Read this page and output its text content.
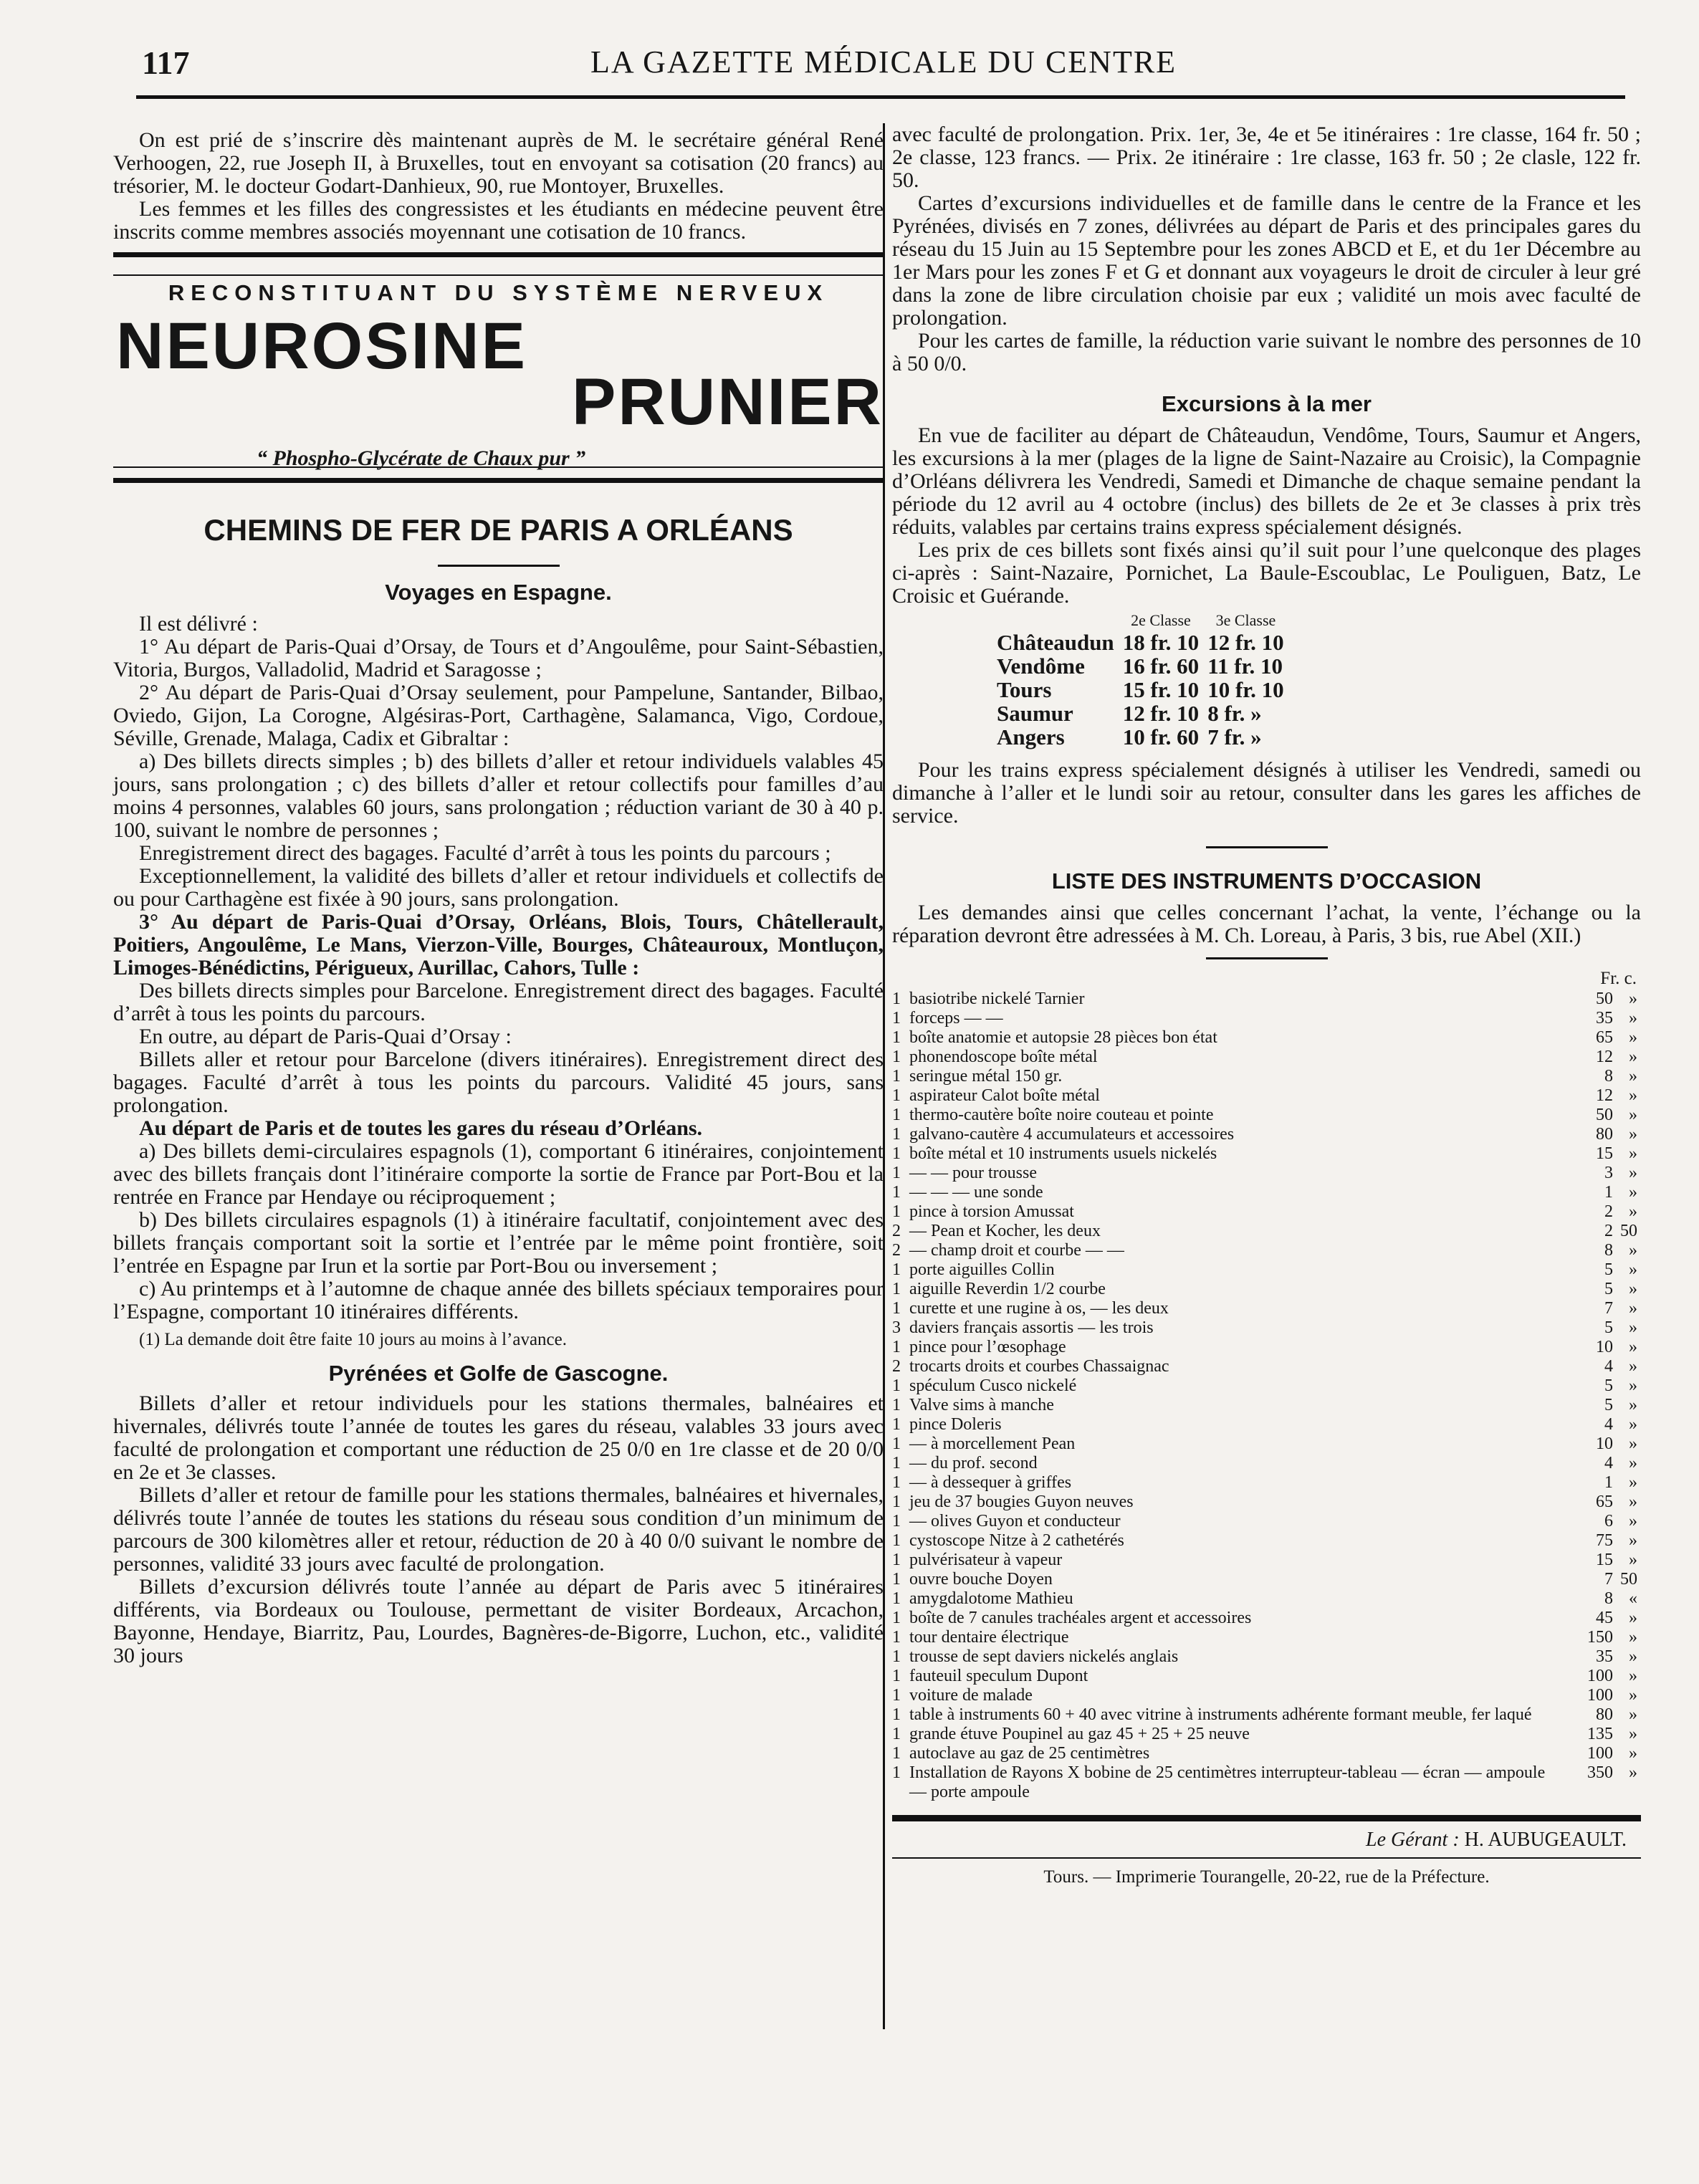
117	LA GAZETTE MÉDICALE DU CENTRE
On est prié de s’inscrire dès maintenant auprès de M. le secrétaire général René Verhoogen, 22, rue Joseph II, à Bruxelles, tout en envoyant sa cotisation (20 francs) au trésorier, M. le docteur Godart-Danhieux, 90, rue Montoyer, Bruxelles.
Les femmes et les filles des congressistes et les étudiants en médecine peuvent être inscrits comme membres associés moyennant une cotisation de 10 francs.
RECONSTITUANT DU SYSTÈME NERVEUX
NEUROSINE
PRUNIER
“ Phospho-Glycérate de Chaux pur ”
CHEMINS DE FER DE PARIS A ORLÉANS
Voyages en Espagne.
Il est délivré :
1° Au départ de Paris-Quai d’Orsay, de Tours et d’Angoulême, pour Saint-Sébastien, Vitoria, Burgos, Valladolid, Madrid et Saragosse ;
2° Au départ de Paris-Quai d’Orsay seulement, pour Pampelune, Santander, Bilbao, Oviedo, Gijon, La Corogne, Algésiras-Port, Carthagène, Salamanca, Vigo, Cordoue, Séville, Grenade, Malaga, Cadix et Gibraltar :
a) Des billets directs simples ; b) des billets d’aller et retour individuels valables 45 jours, sans prolongation ; c) des billets d’aller et retour collectifs pour familles d’au moins 4 personnes, valables 60 jours, sans prolongation ; réduction variant de 30 à 40 p. 100, suivant le nombre de personnes ;
Enregistrement direct des bagages. Faculté d’arrêt à tous les points du parcours ;
Exceptionnellement, la validité des billets d’aller et retour individuels et collectifs de ou pour Carthagène est fixée à 90 jours, sans prolongation.
3° Au départ de Paris-Quai d’Orsay, Orléans, Blois, Tours, Châtellerault, Poitiers, Angoulême, Le Mans, Vierzon-Ville, Bourges, Châteauroux, Montluçon, Limoges-Bénédictins, Périgueux, Aurillac, Cahors, Tulle :
Des billets directs simples pour Barcelone. Enregistrement direct des bagages. Faculté d’arrêt à tous les points du parcours.
En outre, au départ de Paris-Quai d’Orsay :
Billets aller et retour pour Barcelone (divers itinéraires). Enregistrement direct des bagages. Faculté d’arrêt à tous les points du parcours. Validité 45 jours, sans prolongation.
Au départ de Paris et de toutes les gares du réseau d’Orléans.
a) Des billets demi-circulaires espagnols (1), comportant 6 itinéraires, conjointement avec des billets français dont l’itinéraire comporte la sortie de France par Port-Bou et la rentrée en France par Hendaye ou réciproquement ;
b) Des billets circulaires espagnols (1) à itinéraire facultatif, conjointement avec des billets français comportant soit la sortie et l’entrée par le même point frontière, soit l’entrée en Espagne par Irun et la sortie par Port-Bou ou inversement ;
c) Au printemps et à l’automne de chaque année des billets spéciaux temporaires pour l’Espagne, comportant 10 itinéraires différents.
(1) La demande doit être faite 10 jours au moins à l’avance.
Pyrénées et Golfe de Gascogne.
Billets d’aller et retour individuels pour les stations thermales, balnéaires et hivernales, délivrés toute l’année de toutes les gares du réseau, valables 33 jours avec faculté de prolongation et comportant une réduction de 25 0/0 en 1re classe et de 20 0/0 en 2e et 3e classes.
Billets d’aller et retour de famille pour les stations thermales, balnéaires et hivernales, délivrés toute l’année de toutes les stations du réseau sous condition d’un minimum de parcours de 300 kilomètres aller et retour, réduction de 20 à 40 0/0 suivant le nombre de personnes, validité 33 jours avec faculté de prolongation.
Billets d’excursion délivrés toute l’année au départ de Paris avec 5 itinéraires différents, via Bordeaux ou Toulouse, permettant de visiter Bordeaux, Arcachon, Bayonne, Hendaye, Biarritz, Pau, Lourdes, Bagnères-de-Bigorre, Luchon, etc., validité 30 jours
avec faculté de prolongation. Prix. 1er, 3e, 4e et 5e itinéraires : 1re classe, 164 fr. 50 ; 2e classe, 123 francs. — Prix. 2e itinéraire : 1re classe, 163 fr. 50 ; 2e clasle, 122 fr. 50.
Cartes d’excursions individuelles et de famille dans le centre de la France et les Pyrénées, divisés en 7 zones, délivrées au départ de Paris et des principales gares du réseau du 15 Juin au 15 Septembre pour les zones ABCD et E, et du 1er Décembre au 1er Mars pour les zones F et G et donnant aux voyageurs le droit de circuler à leur gré dans la zone de libre circulation choisie par eux ; validité un mois avec faculté de prolongation.
Pour les cartes de famille, la réduction varie suivant le nombre des personnes de 10 à 50 0/0.
Excursions à la mer
En vue de faciliter au départ de Châteaudun, Vendôme, Tours, Saumur et Angers, les excursions à la mer (plages de la ligne de Saint-Nazaire au Croisic), la Compagnie d’Orléans délivrera les Vendredi, Samedi et Dimanche de chaque semaine pendant la période du 12 avril au 4 octobre (inclus) des billets de 2e et 3e classes à prix très réduits, valables par certains trains express spécialement désignés.
Les prix de ces billets sont fixés ainsi qu’il suit pour l’une quelconque des plages ci-après : Saint-Nazaire, Pornichet, La Baule-Escoublac, Le Pouliguen, Batz, Le Croisic et Guérande.
	2e Classe	3e Classe
Châteaudun	18 fr. 10	12 fr. 10
Vendôme	16 fr. 60	11 fr. 10
Tours	15 fr. 10	10 fr. 10
Saumur	12 fr. 10	8 fr. »
Angers	10 fr. 60	7 fr. »
Pour les trains express spécialement désignés à utiliser les Vendredi, samedi ou dimanche à l’aller et le lundi soir au retour, consulter dans les gares les affiches de service.
LISTE DES INSTRUMENTS D’OCCASION
Les demandes ainsi que celles concernant l’achat, la vente, l’échange ou la réparation devront être adressées à M. Ch. Loreau, à Paris, 3 bis, rue Abel (XII.)
Fr. c.
1	basiotribe nickelé Tarnier	50	»
1	forceps — —	35	»
1	boîte anatomie et autopsie 28 pièces bon état	65	»
1	phonendoscope boîte métal	12	»
1	seringue métal 150 gr.	8	»
1	aspirateur Calot boîte métal	12	»
1	thermo-cautère boîte noire couteau et pointe	50	»
1	galvano-cautère 4 accumulateurs et accessoires	80	»
1	boîte métal et 10 instruments usuels nickelés	15	»
1	— — pour trousse	3	»
1	— — — une sonde	1	»
1	pince à torsion Amussat	2	»
2	— Pean et Kocher, les deux	2	50
2	— champ droit et courbe — —	8	»
1	porte aiguilles Collin	5	»
1	aiguille Reverdin 1/2 courbe	5	»
1	curette et une rugine à os, — les deux	7	»
3	daviers français assortis — les trois	5	»
1	pince pour l’œsophage	10	»
2	trocarts droits et courbes Chassaignac	4	»
1	spéculum Cusco nickelé	5	»
1	Valve sims à manche	5	»
1	pince Doleris	4	»
1	— à morcellement Pean	10	»
1	— du prof. second	4	»
1	— à dessequer à griffes	1	»
1	jeu de 37 bougies Guyon neuves	65	»
1	— olives Guyon et conducteur	6	»
1	cystoscope Nitze à 2 cathetérés	75	»
1	pulvérisateur à vapeur	15	»
1	ouvre bouche Doyen	7	50
1	amygdalotome Mathieu	8	«
1	boîte de 7 canules trachéales argent et accessoires	45	»
1	tour dentaire électrique	150	»
1	trousse de sept daviers nickelés anglais	35	»
1	fauteuil speculum Dupont	100	»
1	voiture de malade	100	»
1	table à instruments 60 + 40 avec vitrine à instruments adhérente formant meuble, fer laqué	80	»
1	grande étuve Poupinel au gaz 45 + 25 + 25 neuve	135	»
1	autoclave au gaz de 25 centimètres	100	»
1	Installation de Rayons X bobine de 25 centimètres interrupteur-tableau — écran — ampoule — porte ampoule	350	»
Le Gérant : H. AUBUGEAULT.
Tours. — Imprimerie Tourangelle, 20-22, rue de la Préfecture.
